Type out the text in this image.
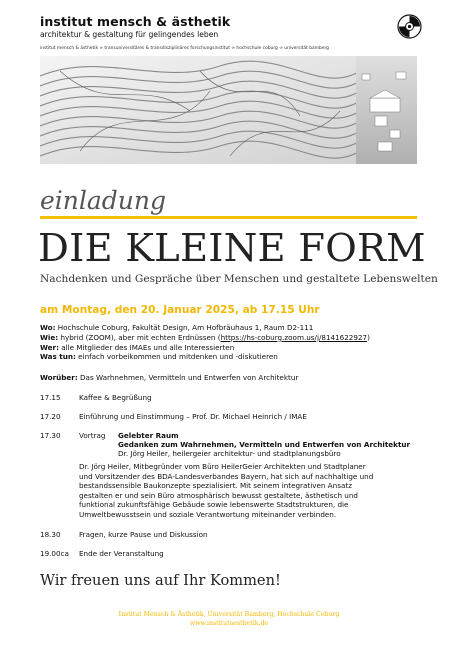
institut mensch & ästhetik
architektur & gestaltung für gelingendes leben
institut mensch & ästhetik ∞ transuniversitäres & transdisziplinäres forschungsinstitut ∞ hochschule coburg ∞ universität bamberg
einladung
DIE KLEINE FORM
Nachdenken und Gespräche über Menschen und gestaltete Lebenswelten
am Montag, den 20. Januar 2025, ab 17.15 Uhr
Wo: Hochschule Coburg, Fakultät Design, Am Hofbräuhaus 1, Raum D2-111
Wie: hybrid (ZOOM), aber mit echten Erdnüssen (https://hs-coburg.zoom.us/j/8141622927)
Wer: alle Mitglieder des IMAEs und alle Interessierten
Was tun: einfach vorbeikommen und mitdenken und -diskutieren
Worüber: Das Warhnehmen, Vermitteln und Entwerfen von Architektur
17.15	Kaffee & Begrüßung
17.20	Einführung und Einstimmung – Prof. Dr. Michael Heinrich / IMAE
17.30	Vortrag Gelebter Raum
Gedanken zum Wahrnehmen, Vermitteln und Entwerfen von Architektur
Dr. Jörg Heiler, heilergeier architektur- und stadtplanungsbüro
18.30	Fragen, kurze Pause und Diskussion
19.00ca Ende der Veranstaltung
Dr. Jörg Heiler, Mitbegründer vom Büro HeilerGeier Architekten und Stadtplaner
und Vorsitzender des BDA-Landesverbandes Bayern, hat sich auf nachhaltige und
bestandssensible Baukonzepte spezialisiert. Mit seinem integrativen Ansatz
gestalten er und sein Büro atmosphärisch bewusst gestaltete, ästhetisch und
funktional zukunftsfähige Gebäude sowie lebenswerte Stadtstrukturen, die
Umweltbewusstsein und soziale Verantwortung miteinander verbinden.
Wir freuen uns auf Ihr Kommen!
Institut Mensch & Ästhetik, Universität Bamberg, Hochschule Coburg
www.institutaesthetik.de
